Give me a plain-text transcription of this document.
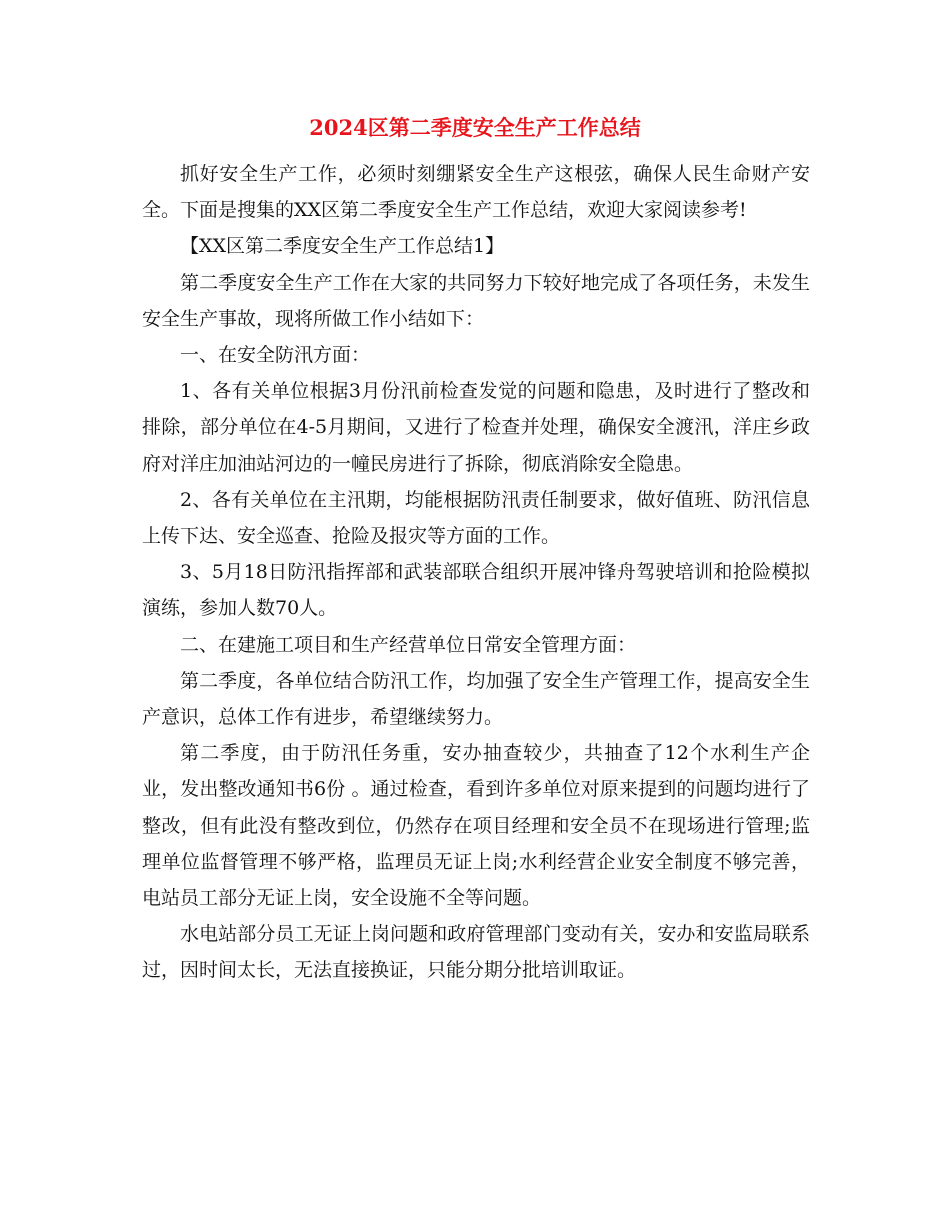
2024区第二季度安全生产工作总结

抓好安全生产工作，必须时刻绷紧安全生产这根弦，确保人民生命财产安全。下面是搜集的XX区第二季度安全生产工作总结，欢迎大家阅读参考!

【XX区第二季度安全生产工作总结1】

第二季度安全生产工作在大家的共同努力下较好地完成了各项任务，未发生安全生产事故，现将所做工作小结如下：

一、在安全防汛方面：

1、各有关单位根据3月份汛前检查发觉的问题和隐患，及时进行了整改和排除，部分单位在4-5月期间，又进行了检查并处理，确保安全渡汛，洋庄乡政府对洋庄加油站河边的一幢民房进行了拆除，彻底消除安全隐患。

2、各有关单位在主汛期，均能根据防汛责任制要求，做好值班、防汛信息上传下达、安全巡查、抢险及报灾等方面的工作。

3、5月18日防汛指挥部和武装部联合组织开展冲锋舟驾驶培训和抢险模拟演练，参加人数70人。

二、在建施工项目和生产经营单位日常安全管理方面：

第二季度，各单位结合防汛工作，均加强了安全生产管理工作，提高安全生产意识，总体工作有进步，希望继续努力。

第二季度，由于防汛任务重，安办抽查较少，共抽查了12个水利生产企业，发出整改通知书6份 。通过检查，看到许多单位对原来提到的问题均进行了整改，但有此没有整改到位，仍然存在项目经理和安全员不在现场进行管理;监理单位监督管理不够严格，监理员无证上岗;水利经营企业安全制度不够完善，电站员工部分无证上岗，安全设施不全等问题。

水电站部分员工无证上岗问题和政府管理部门变动有关，安办和安监局联系过，因时间太长，无法直接换证，只能分期分批培训取证。
